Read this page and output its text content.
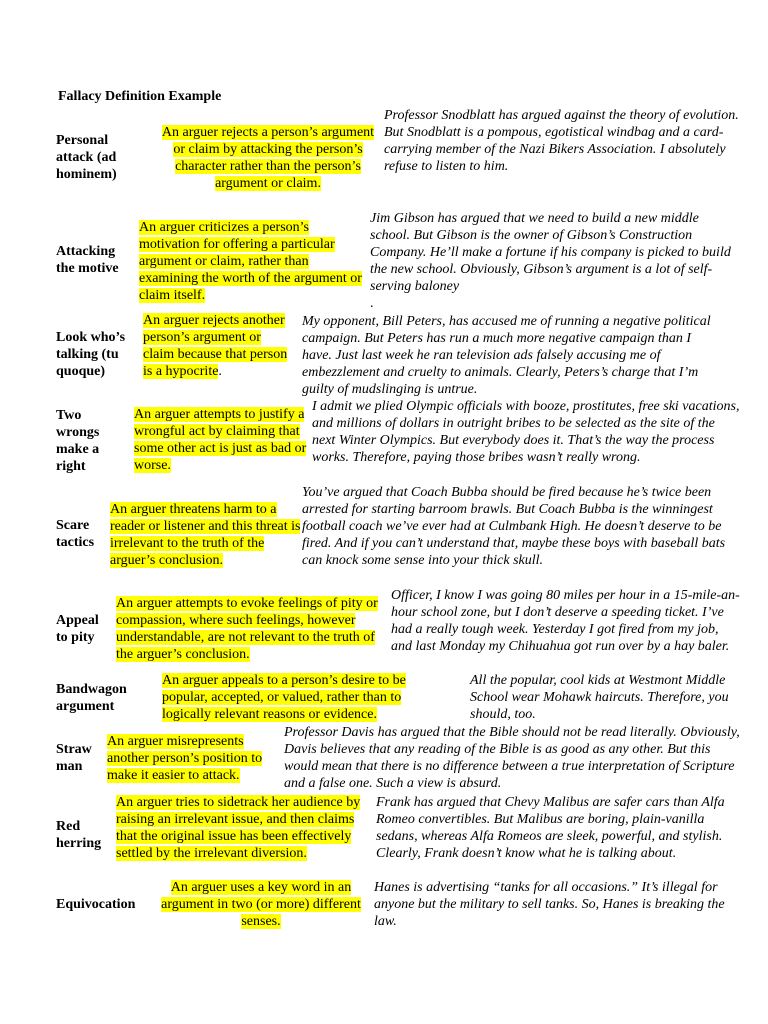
Fallacy Definition Example
Personal attack (ad hominem)
An arguer rejects a person’s argument or claim by attacking the person’s character rather than the person’s argument or claim.
Professor Snodblatt has argued against the theory of evolution. But Snodblatt is a pompous, egotistical windbag and a card-carrying member of the Nazi Bikers Association. I absolutely refuse to listen to him.
Attacking the motive
An arguer criticizes a person’s motivation for offering a particular argument or claim, rather than examining the worth of the argument or claim itself.
Jim Gibson has argued that we need to build a new middle school. But Gibson is the owner of Gibson’s Construction Company. He’ll make a fortune if his company is picked to build the new school. Obviously, Gibson’s argument is a lot of self-serving baloney
.
Look who’s talking (tu quoque)
An arguer rejects another person’s argument or claim because that person is a hypocrite.
My opponent, Bill Peters, has accused me of running a negative political campaign. But Peters has run a much more negative campaign than I have. Just last week he ran television ads falsely accusing me of embezzlement and cruelty to animals. Clearly, Peters’s charge that I’m guilty of mudslinging is untrue.
Two wrongs make a right
An arguer attempts to justify a wrongful act by claiming that some other act is just as bad or worse.
I admit we plied Olympic officials with booze, prostitutes, free ski vacations, and millions of dollars in outright bribes to be selected as the site of the next Winter Olympics. But everybody does it. That’s the way the process works. Therefore, paying those bribes wasn’t really wrong.
Scare tactics
An arguer threatens harm to a reader or listener and this threat is irrelevant to the truth of the arguer’s conclusion.
You’ve argued that Coach Bubba should be fired because he’s twice been arrested for starting barroom brawls. But Coach Bubba is the winningest football coach we’ve ever had at Culmbank High. He doesn’t deserve to be fired. And if you can’t understand that, maybe these boys with baseball bats can knock some sense into your thick skull.
Appeal to pity
An arguer attempts to evoke feelings of pity or compassion, where such feelings, however understandable, are not relevant to the truth of the arguer’s conclusion.
Officer, I know I was going 80 miles per hour in a 15-mile-an-hour school zone, but I don’t deserve a speeding ticket. I’ve had a really tough week. Yesterday I got fired from my job, and last Monday my Chihuahua got run over by a hay baler.
Bandwagon argument
An arguer appeals to a person’s desire to be popular, accepted, or valued, rather than to logically relevant reasons or evidence.
All the popular, cool kids at Westmont Middle School wear Mohawk haircuts. Therefore, you should, too.
Straw man
An arguer misrepresents another person’s position to make it easier to attack.
Professor Davis has argued that the Bible should not be read literally. Obviously, Davis believes that any reading of the Bible is as good as any other. But this would mean that there is no difference between a true interpretation of Scripture and a false one. Such a view is absurd.
Red herring
An arguer tries to sidetrack her audience by raising an irrelevant issue, and then claims that the original issue has been effectively settled by the irrelevant diversion.
Frank has argued that Chevy Malibus are safer cars than Alfa Romeo convertibles. But Malibus are boring, plain-vanilla sedans, whereas Alfa Romeos are sleek, powerful, and stylish. Clearly, Frank doesn’t know what he is talking about.
Equivocation
An arguer uses a key word in an argument in two (or more) different senses.
Hanes is advertising “tanks for all occasions.” It’s illegal for anyone but the military to sell tanks. So, Hanes is breaking the law.
